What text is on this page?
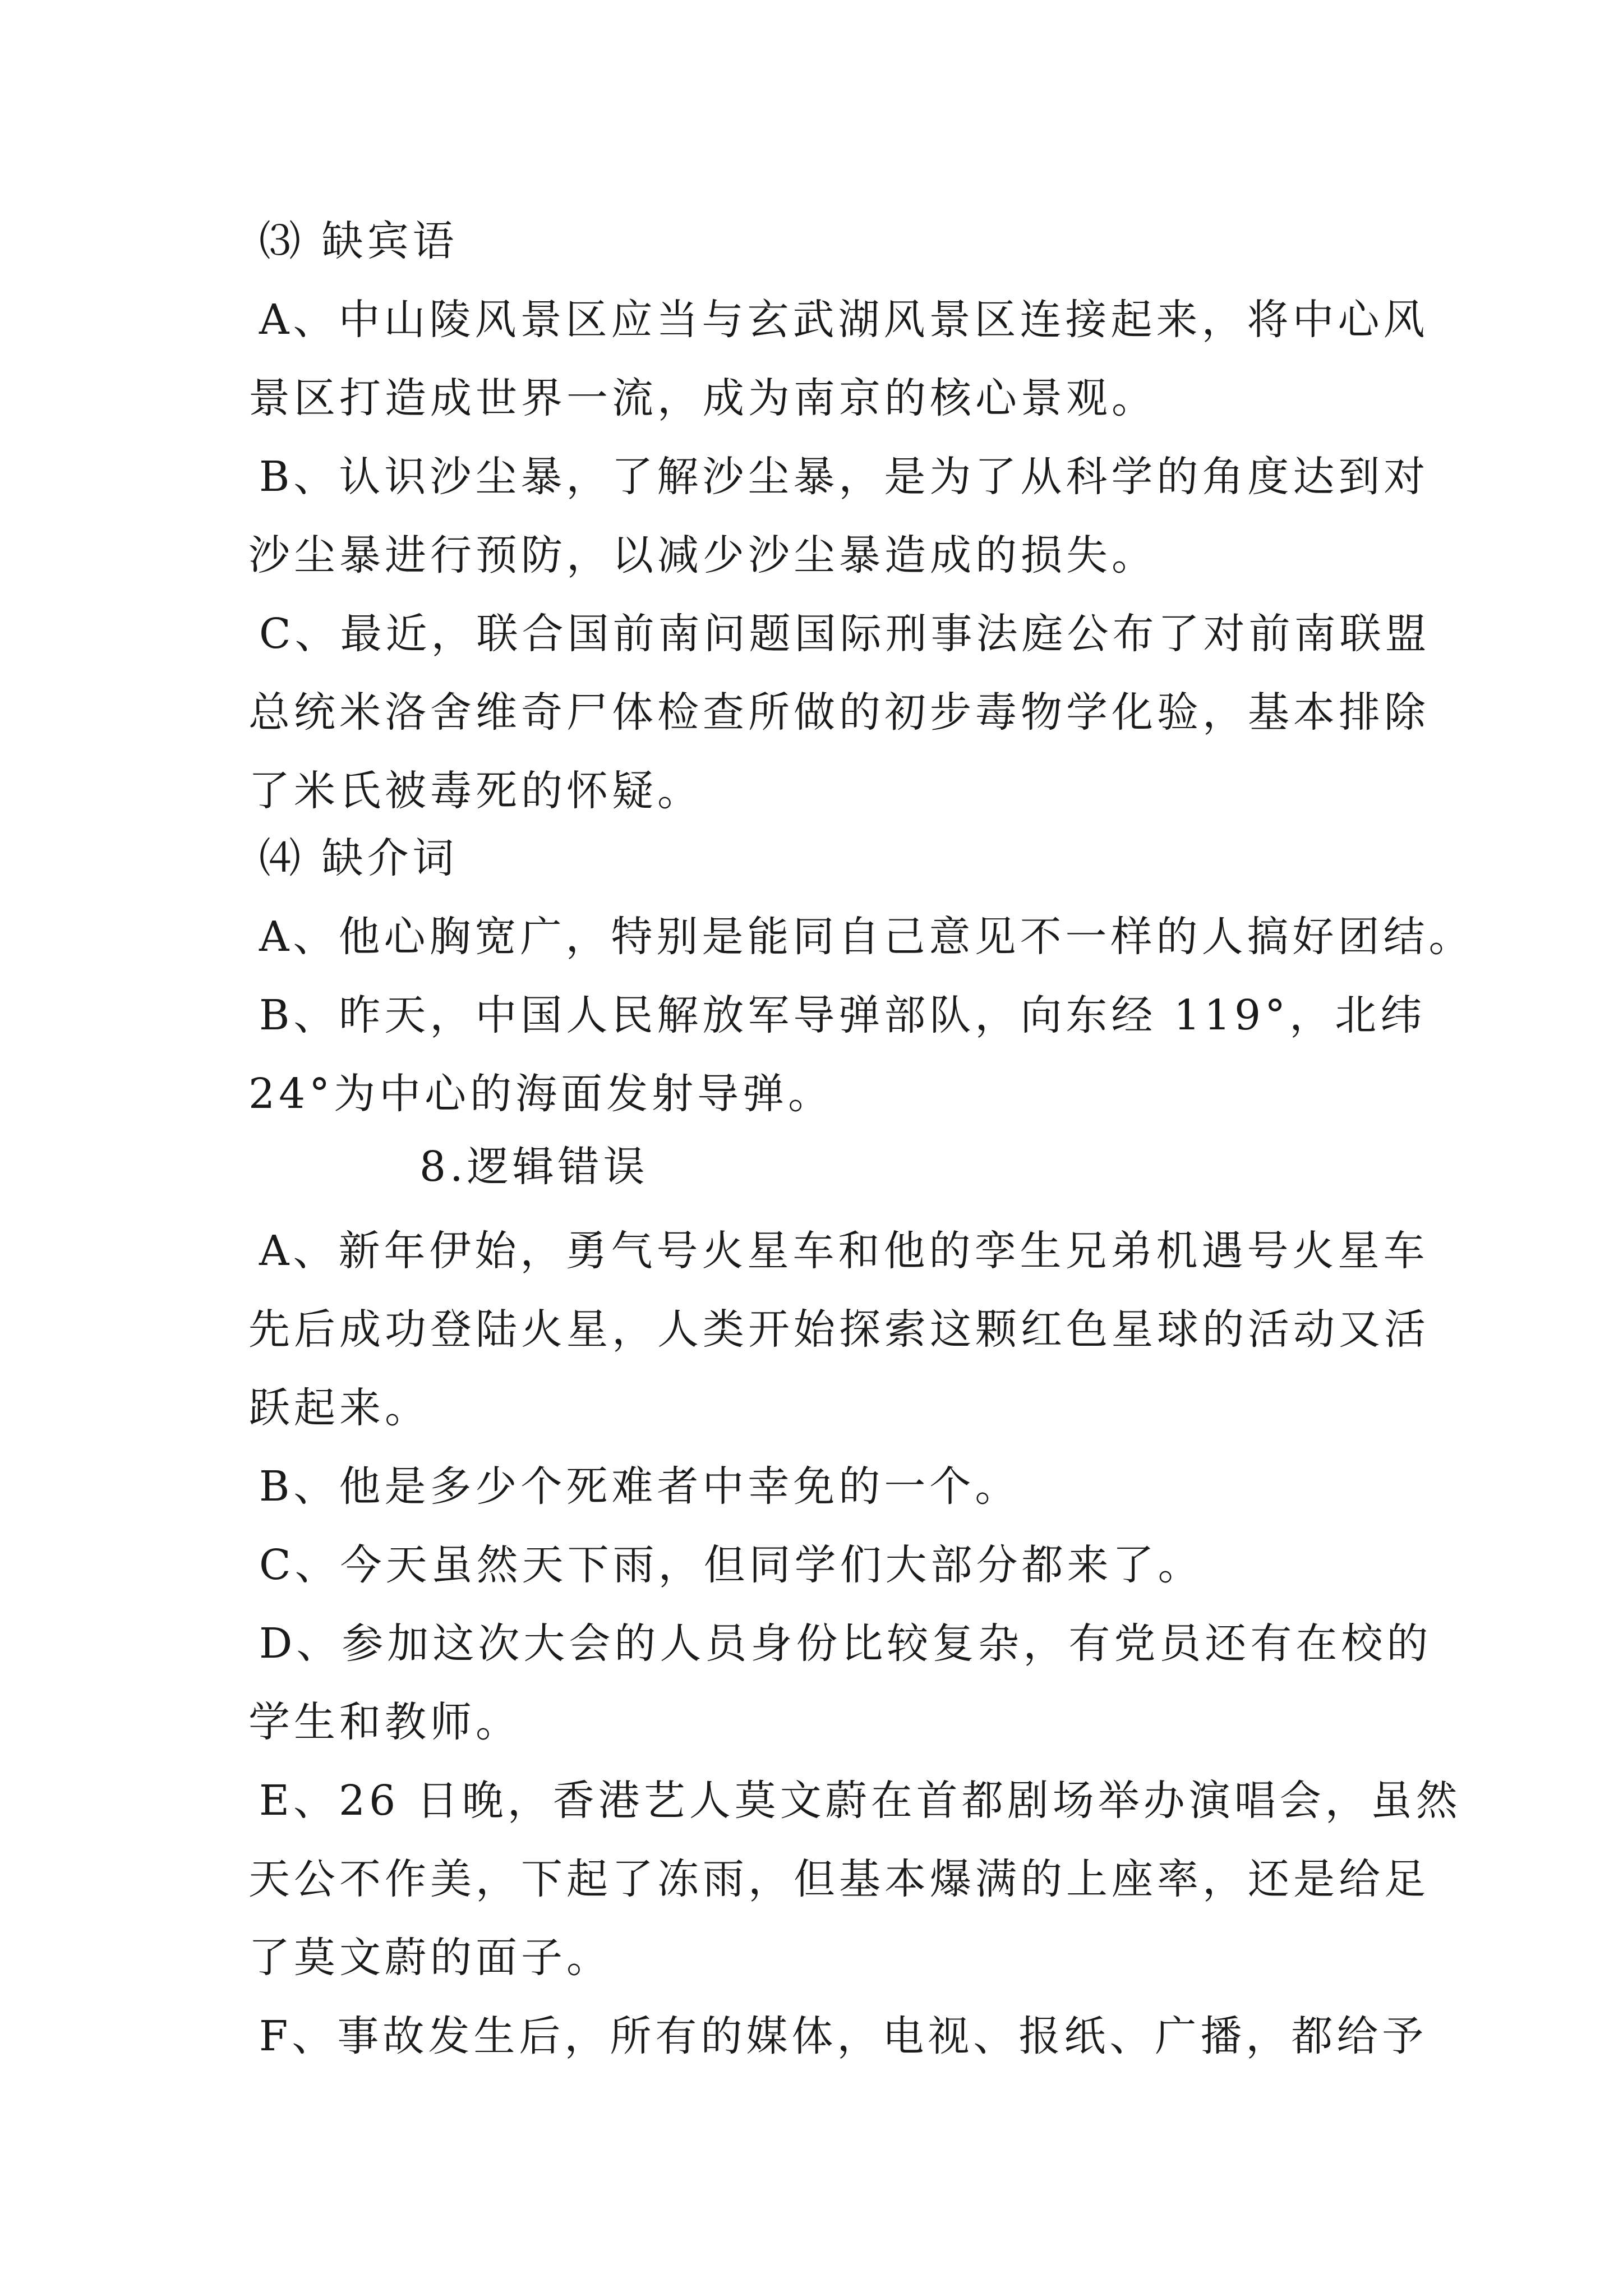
⑶ 缺宾语

A、中山陵风景区应当与玄武湖风景区连接起来，将中心风

景区打造成世界一流，成为南京的核心景观。

B、认识沙尘暴，了解沙尘暴，是为了从科学的角度达到对

沙尘暴进行预防，以减少沙尘暴造成的损失。

C、最近，联合国前南问题国际刑事法庭公布了对前南联盟

总统米洛舍维奇尸体检查所做的初步毒物学化验，基本排除

了米氏被毒死的怀疑。

⑷ 缺介词

A、他心胸宽广，特别是能同自己意见不一样的人搞好团结。

B、昨天，中国人民解放军导弹部队，向东经 119°，北纬

24°为中心的海面发射导弹。

8.逻辑错误

A、新年伊始，勇气号火星车和他的孪生兄弟机遇号火星车

先后成功登陆火星，人类开始探索这颗红色星球的活动又活

跃起来。

B、他是多少个死难者中幸免的一个。

C、今天虽然天下雨，但同学们大部分都来了。

D、参加这次大会的人员身份比较复杂，有党员还有在校的

学生和教师。

E、26 日晚，香港艺人莫文蔚在首都剧场举办演唱会，虽然

天公不作美，下起了冻雨，但基本爆满的上座率，还是给足

了莫文蔚的面子。

F、事故发生后，所有的媒体，电视、报纸、广播，都给予
